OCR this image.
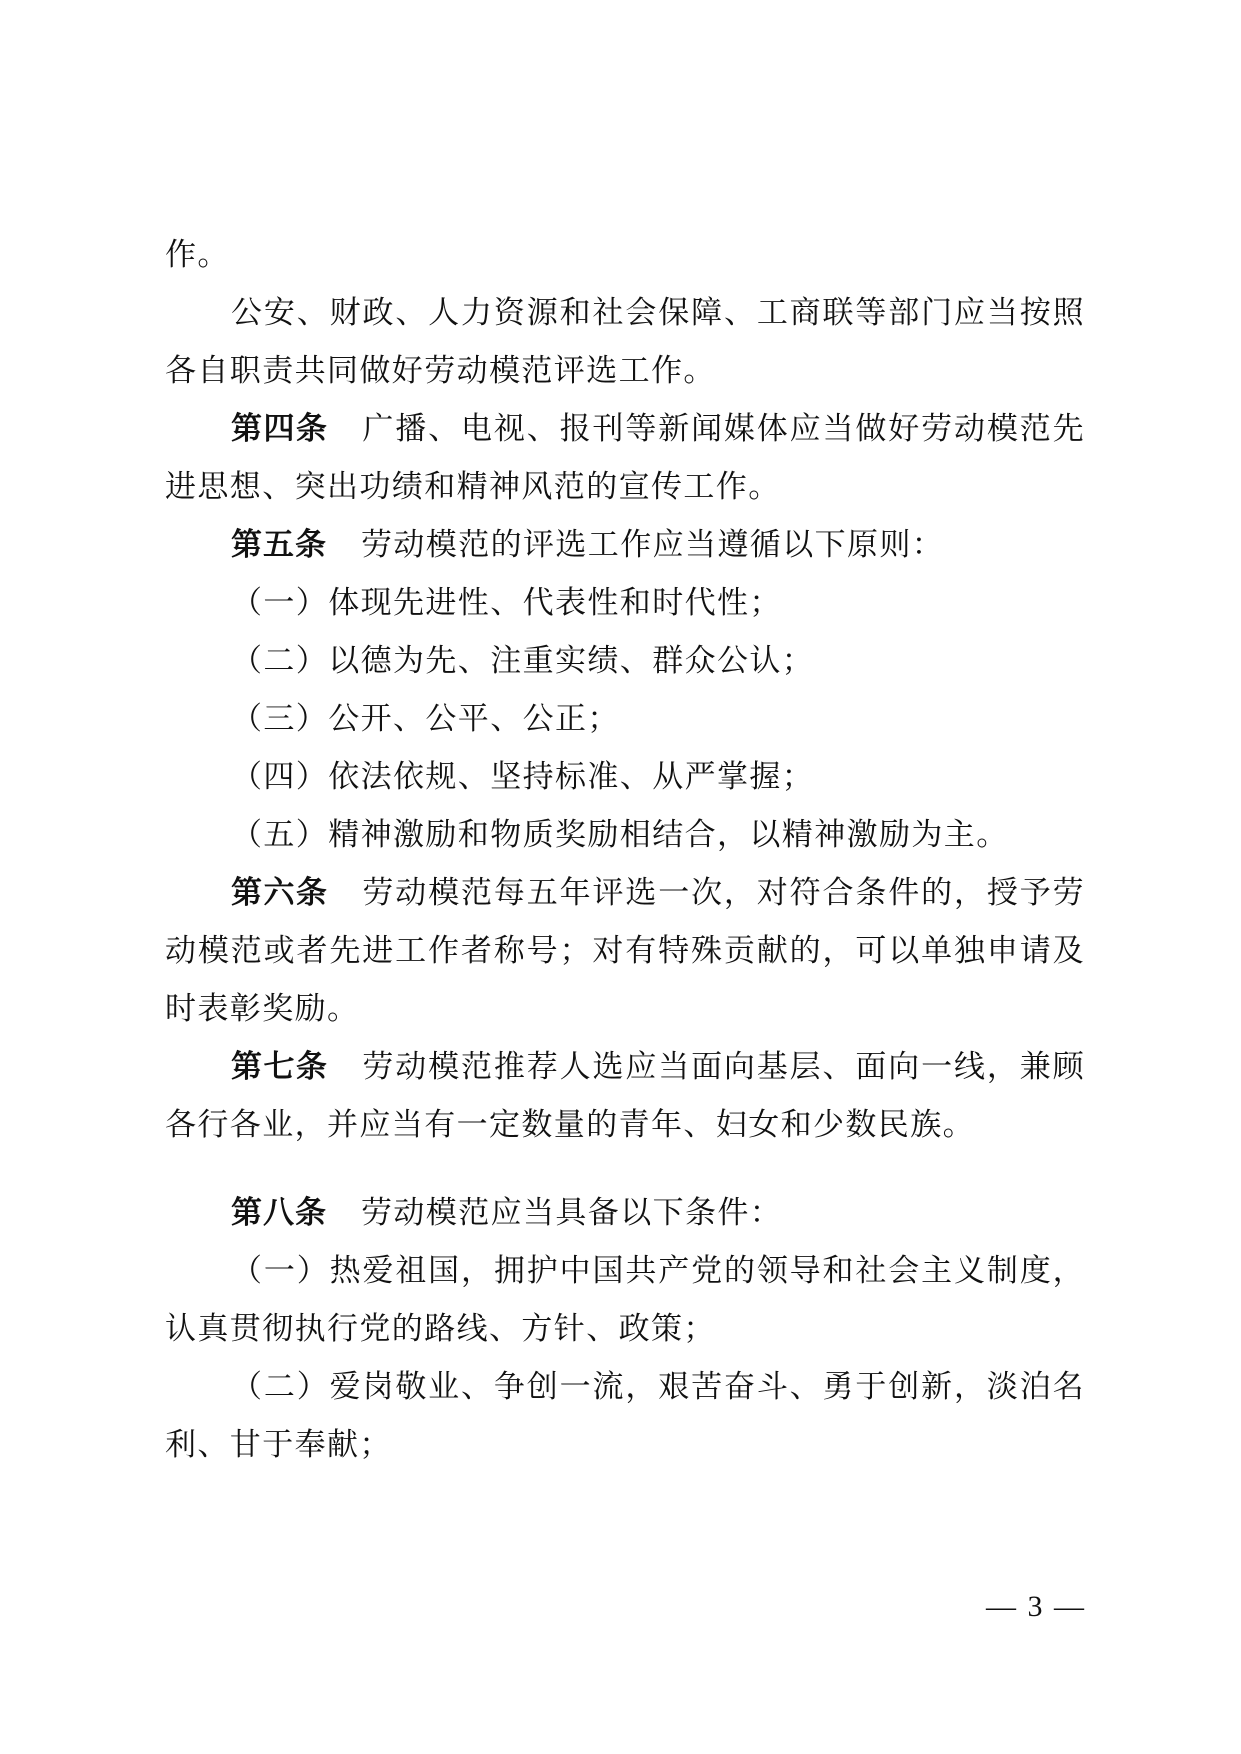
作。

公安、财政、人力资源和社会保障、工商联等部门应当按照各自职责共同做好劳动模范评选工作。

第四条 广播、电视、报刊等新闻媒体应当做好劳动模范先进思想、突出功绩和精神风范的宣传工作。

第五条 劳动模范的评选工作应当遵循以下原则：

（一）体现先进性、代表性和时代性；

（二）以德为先、注重实绩、群众公认；

（三）公开、公平、公正；

（四）依法依规、坚持标准、从严掌握；

（五）精神激励和物质奖励相结合，以精神激励为主。

第六条 劳动模范每五年评选一次，对符合条件的，授予劳动模范或者先进工作者称号；对有特殊贡献的，可以单独申请及时表彰奖励。

第七条 劳动模范推荐人选应当面向基层、面向一线，兼顾各行各业，并应当有一定数量的青年、妇女和少数民族。

第八条 劳动模范应当具备以下条件：

（一）热爱祖国，拥护中国共产党的领导和社会主义制度，认真贯彻执行党的路线、方针、政策；

（二）爱岗敬业、争创一流，艰苦奋斗、勇于创新，淡泊名利、甘于奉献；

— 3 —
